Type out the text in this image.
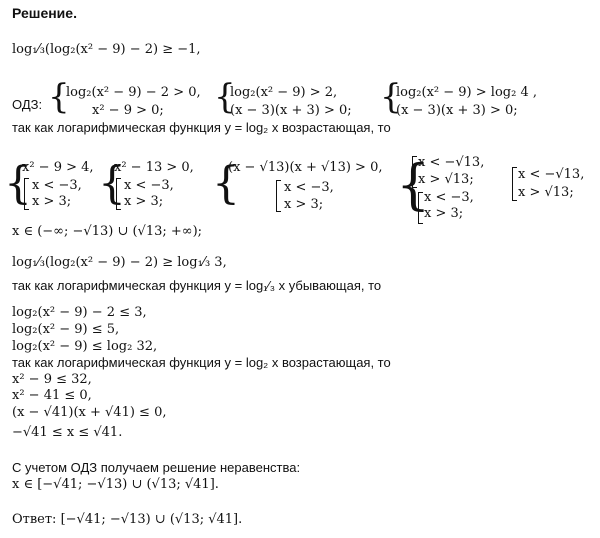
Решение.
log₁⁄₃(log₂(x² − 9) − 2) ≥ −1,
ОДЗ: {
log₂(x² − 9) − 2 > 0,
x² − 9 > 0; {
log₂(x² − 9) > 2,
(x − 3)(x + 3) > 0; {
log₂(x² − 9) > log₂ 4 ,
(x − 3)(x + 3) > 0;
так как логарифмическая функция y = log₂ x возрастающая, то
{
x² − 9 > 4,
x < −3,
x > 3; {
x² − 13 > 0,
x < −3,
x > 3; {
(x − √13)(x + √13) > 0,
x < −3,
x > 3; {
x < −√13,
x > √13;
x < −3,
x > 3;
x < −√13,
x > √13;
x ∈ (−∞; −√13) ∪ (√13; +∞);
log₁⁄₃(log₂(x² − 9) − 2) ≥ log₁⁄₃ 3,
так как логарифмическая функция y = log₁⁄₃ x убывающая, то
log₂(x² − 9) − 2 ≤ 3,
log₂(x² − 9) ≤ 5,
log₂(x² − 9) ≤ log₂ 32,
так как логарифмическая функция y = log₂ x возрастающая, то
x² − 9 ≤ 32,
x² − 41 ≤ 0,
(x − √41)(x + √41) ≤ 0,
−√41 ≤ x ≤ √41.
С учетом ОДЗ получаем решение неравенства:
x ∈ [−√41; −√13) ∪ (√13; √41].
Ответ: [−√41; −√13) ∪ (√13; √41].
